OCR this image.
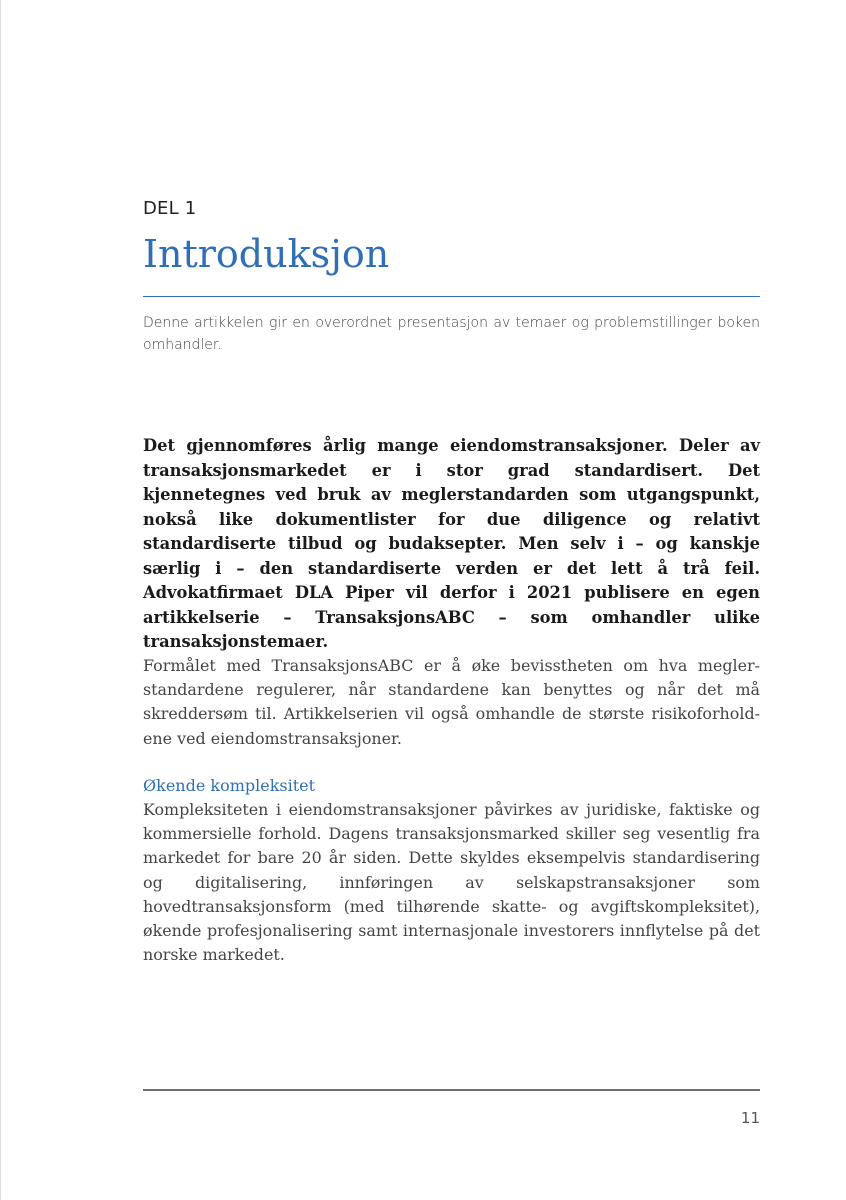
DEL 1
Introduksjon
Denne artikkelen gir en overordnet presentasjon av temaer og problemstillinger boken omhandler.

Det gjennomføres årlig mange eiendomstransaksjoner. Deler av transaksjonsmarkedet er i stor grad standardisert. Det kjennetegnes ved bruk av meglerstandarden som utgangspunkt, nokså like dokumentlister for due diligence og relativt standardiserte tilbud og budaksepter. Men selv i – og kanskje særlig i – den standardiserte verden er det lett å trå feil. Advokatfirmaet DLA Piper vil derfor i 2021 publisere en egen artikkelserie – TransaksjonsABC – som omhandler ulike transaksjonstemaer.

Formålet med TransaksjonsABC er å øke bevisstheten om hva meglerstandardene regulerer, når standardene kan benyttes og når det må skreddersøm til. Artikkelserien vil også omhandle de største risikoforholdene ved eiendomstransaksjoner.

Økende kompleksitet

Kompleksiteten i eiendomstransaksjoner påvirkes av juridiske, faktiske og kommersielle forhold. Dagens transaksjonsmarked skiller seg vesentlig fra markedet for bare 20 år siden. Dette skyldes eksempelvis standardisering og digitalisering, innføringen av selskapstransaksjoner som hovedtransaksjonsform (med tilhørende skatte- og avgiftskompleksitet), økende profesjonalisering samt internasjonale investorers innflytelse på det norske markedet.

11
